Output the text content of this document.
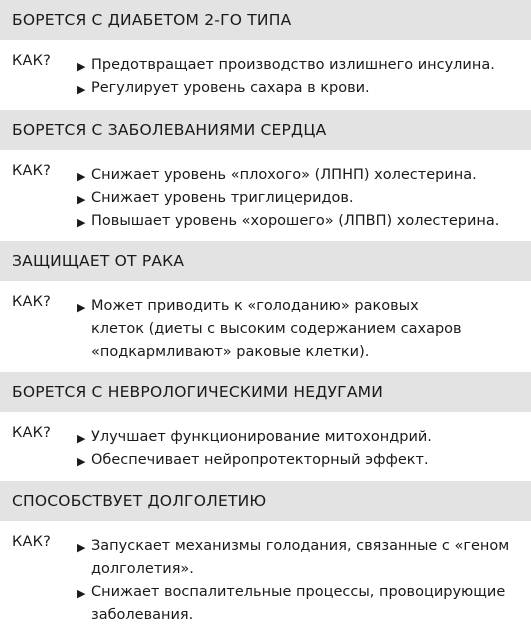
БОРЕТСЯ С ДИАБЕТОМ 2-ГО ТИПА
КАК? ▶ Предотвращает производство излишнего инсулина.
▶ Регулирует уровень сахара в крови.
БОРЕТСЯ С ЗАБОЛЕВАНИЯМИ СЕРДЦА
КАК? ▶ Снижает уровень «плохого» (ЛПНП) холестерина.
▶ Снижает уровень триглицеридов.
▶ Повышает уровень «хорошего» (ЛПВП) холестерина.
ЗАЩИЩАЕТ ОТ РАКА
КАК? ▶ Может приводить к «голоданию» раковых
клеток (диеты с высоким содержанием сахаров
«подкармливают» раковые клетки).
БОРЕТСЯ С НЕВРОЛОГИЧЕСКИМИ НЕДУГАМИ
КАК? ▶ Улучшает функционирование митохондрий.
▶ Обеспечивает нейропротекторный эффект.
СПОСОБСТВУЕТ ДОЛГОЛЕТИЮ
КАК? ▶ Запускает механизмы голодания, связанные с «геном
долголетия».
▶ Снижает воспалительные процессы, провоцирующие
заболевания.
